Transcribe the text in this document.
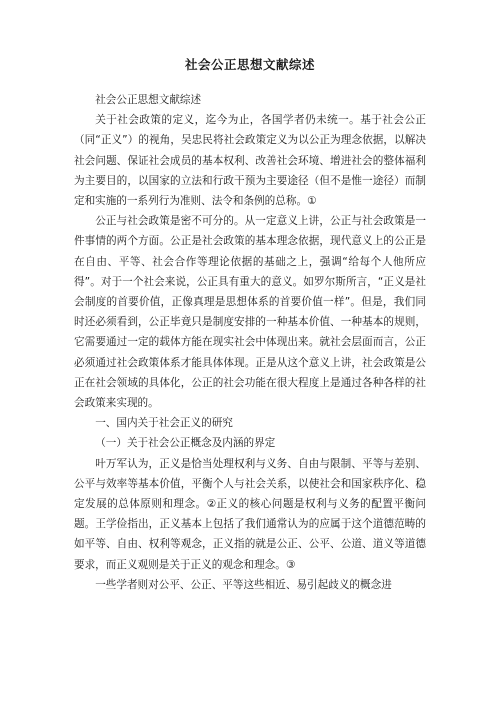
社会公正思想文献综述

社会公正思想文献综述

关于社会政策的定义，迄今为止，各国学者仍未统一。基于社会公正（同“正义”）的视角，吴忠民将社会政策定义为以公正为理念依据，以解决社会问题、保证社会成员的基本权利、改善社会环境、增进社会的整体福利为主要目的，以国家的立法和行政干预为主要途径（但不是惟一途径）而制定和实施的一系列行为准则、法令和条例的总称。①

公正与社会政策是密不可分的。从一定意义上讲，公正与社会政策是一件事情的两个方面。公正是社会政策的基本理念依据，现代意义上的公正是在自由、平等、社会合作等理论依据的基础之上，强调“给每个人他所应得”。对于一个社会来说，公正具有重大的意义。如罗尔斯所言，“正义是社会制度的首要价值，正像真理是思想体系的首要价值一样”。但是，我们同时还必须看到，公正毕竟只是制度安排的一种基本价值、一种基本的规则，它需要通过一定的载体方能在现实社会中体现出来。就社会层面而言，公正必须通过社会政策体系才能具体体现。正是从这个意义上讲，社会政策是公正在社会领域的具体化，公正的社会功能在很大程度上是通过各种各样的社会政策来实现的。

一、国内关于社会正义的研究

（一）关于社会公正概念及内涵的界定

叶万军认为，正义是恰当处理权利与义务、自由与限制、平等与差别、公平与效率等基本价值，平衡个人与社会关系，以使社会和国家秩序化、稳定发展的总体原则和理念。②正义的核心问题是权利与义务的配置平衡问题。王学俭指出，正义基本上包括了我们通常认为的应属于这个道德范畴的如平等、自由、权利等观念，正义指的就是公正、公平、公道、道义等道德要求，而正义观则是关于正义的观念和理念。③

一些学者则对公平、公正、平等这些相近、易引起歧义的概念进
